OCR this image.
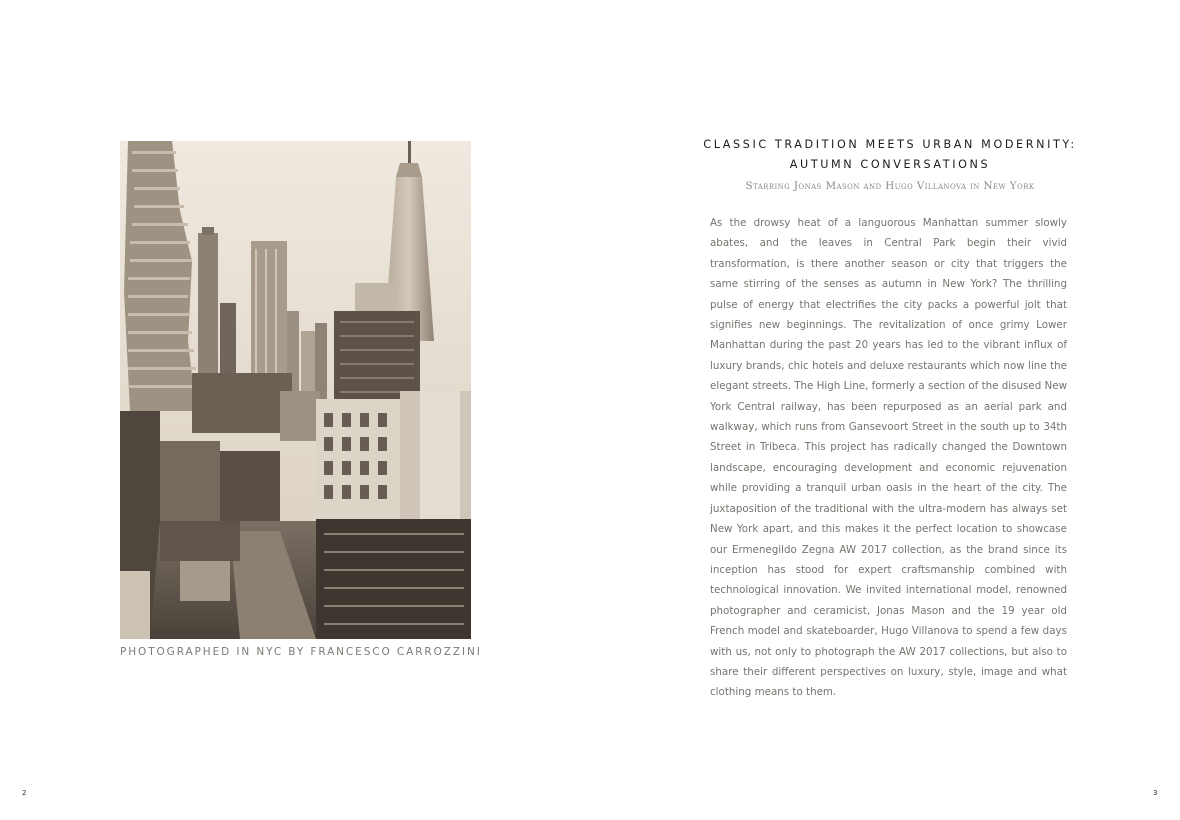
PHOTOGRAPHED IN NYC BY FRANCESCO CARROZZINI
CLASSIC TRADITION MEETS URBAN MODERNITY:
AUTUMN CONVERSATIONS
Starring Jonas Mason and Hugo Villanova in New York

As the drowsy heat of a languorous Manhattan summer slowly abates, and the leaves in Central Park begin their vivid transformation, is there another season or city that triggers the same stirring of the senses as autumn in New York? The thrilling pulse of energy that electrifies the city packs a powerful jolt that signifies new beginnings. The revitalization of once grimy Lower Manhattan during the past 20 years has led to the vibrant influx of luxury brands, chic hotels and deluxe restaurants which now line the elegant streets. The High Line, formerly a section of the disused New York Central railway, has been repurposed as an aerial park and walkway, which runs from Gansevoort Street in the south up to 34th Street in Tribeca. This project has radically changed the Downtown landscape, encouraging development and economic rejuvenation while providing a tranquil urban oasis in the heart of the city. The juxtaposition of the traditional with the ultra-modern has always set New York apart, and this makes it the perfect location to showcase our Ermenegildo Zegna AW 2017 collection, as the brand since its inception has stood for expert craftsmanship combined with technological innovation. We invited international model, renowned photographer and ceramicist, Jonas Mason and the 19 year old French model and skateboarder, Hugo Villanova to spend a few days with us, not only to photograph the AW 2017 collections, but also to share their different perspectives on luxury, style, image and what clothing means to them.

2	3
